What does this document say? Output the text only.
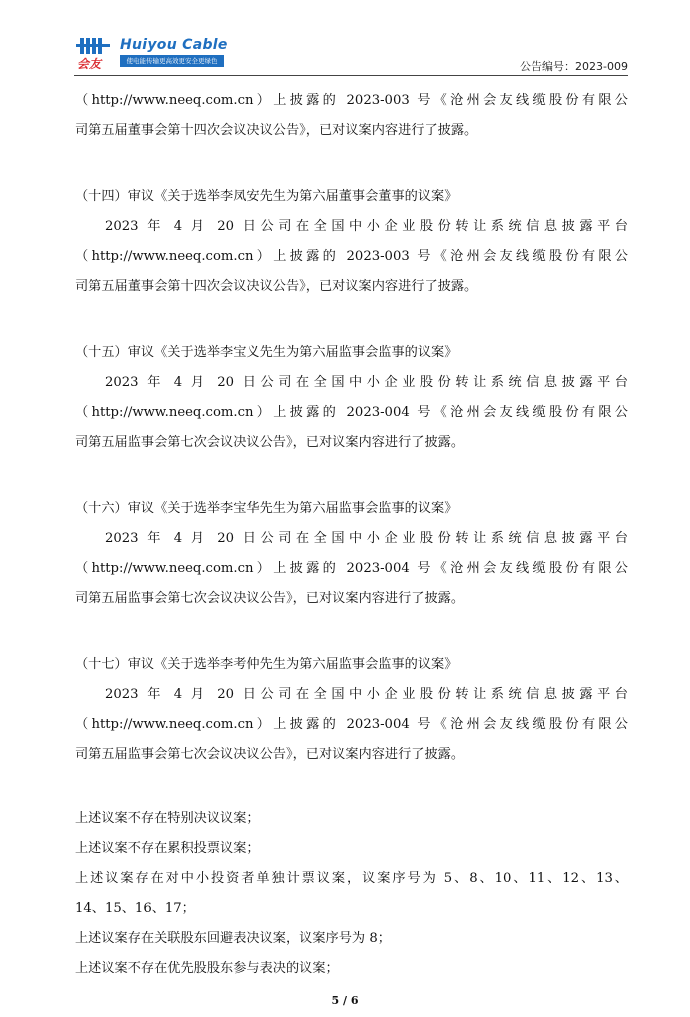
会友
Huiyou Cable
使电能传输更高效更安全更绿色	公告编号：2023-009
（http://www.neeq.com.cn）上披露的 2023-003 号《沧州会友线缆股份有限公
司第五届董事会第十四次会议决议公告》，已对议案内容进行了披露。
（十四）审议《关于选举李凤安先生为第六届董事会董事的议案》
2023 年 4 月 20 日公司在全国中小企业股份转让系统信息披露平台
（http://www.neeq.com.cn）上披露的 2023-003 号《沧州会友线缆股份有限公
司第五届董事会第十四次会议决议公告》，已对议案内容进行了披露。
（十五）审议《关于选举李宝义先生为第六届监事会监事的议案》
2023 年 4 月 20 日公司在全国中小企业股份转让系统信息披露平台
（http://www.neeq.com.cn）上披露的 2023-004 号《沧州会友线缆股份有限公
司第五届监事会第七次会议决议公告》，已对议案内容进行了披露。
（十六）审议《关于选举李宝华先生为第六届监事会监事的议案》
2023 年 4 月 20 日公司在全国中小企业股份转让系统信息披露平台
（http://www.neeq.com.cn）上披露的 2023-004 号《沧州会友线缆股份有限公
司第五届监事会第七次会议决议公告》，已对议案内容进行了披露。
（十七）审议《关于选举李考仲先生为第六届监事会监事的议案》
2023 年 4 月 20 日公司在全国中小企业股份转让系统信息披露平台
（http://www.neeq.com.cn）上披露的 2023-004 号《沧州会友线缆股份有限公
司第五届监事会第七次会议决议公告》，已对议案内容进行了披露。
上述议案不存在特别决议议案；
上述议案不存在累积投票议案；
上述议案存在对中小投资者单独计票议案，议案序号为 5、8、10、11、12、13、
14、15、16、17；
上述议案存在关联股东回避表决议案，议案序号为 8；
上述议案不存在优先股股东参与表决的议案；
5 / 6
